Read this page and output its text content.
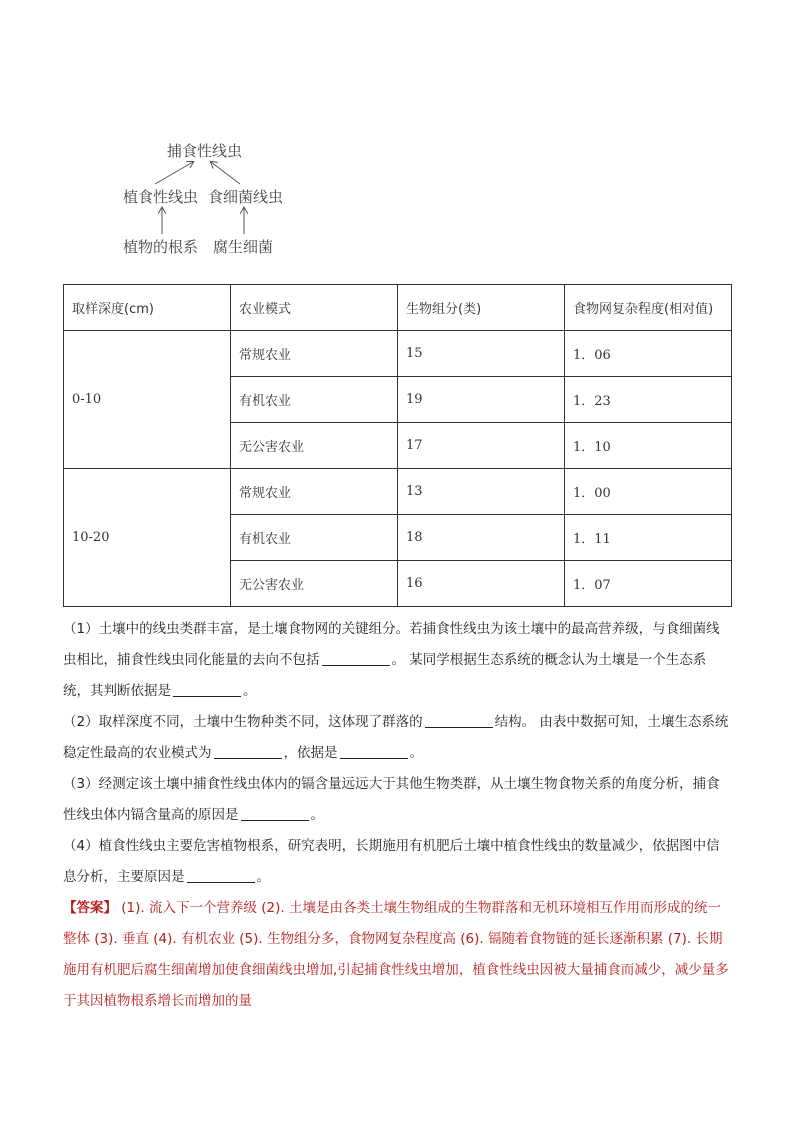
捕食性线虫
植食性线虫 食细菌线虫
植物的根系 腐生细菌
取样深度(cm)	农业模式	生物组分(类)	食物网复杂程度(相对值)
0-10	常规农业	15	1．06
	有机农业	19	1．23
	无公害农业	17	1．10
10-20	常规农业	13	1．00
	有机农业	18	1．11
	无公害农业	16	1．07

（1）土壤中的线虫类群丰富，是土壤食物网的关键组分。若捕食性线虫为该土壤中的最高营养级，与食细菌线虫相比，捕食性线虫同化能量的去向不包括	。 某同学根据生态系统的概念认为土壤是一个生态系统，其判断依据是	。

（2）取样深度不同，土壤中生物种类不同，这体现了群落的	结构。 由表中数据可知，土壤生态系统稳定性最高的农业模式为	，依据是	。

（3）经测定该土壤中捕食性线虫体内的镉含量远远大于其他生物类群，从土壤生物食物关系的角度分析，捕食性线虫体内镉含量高的原因是	。

（4）植食性线虫主要危害植物根系，研究表明，长期施用有机肥后土壤中植食性线虫的数量减少，依据图中信息分析，主要原因是	。

【答案】 (1). 流入下一个营养级 (2). 土壤是由各类土壤生物组成的生物群落和无机环境相互作用而形成的统一整体 (3). 垂直 (4). 有机农业 (5). 生物组分多，食物网复杂程度高 (6). 镉随着食物链的延长逐渐积累 (7). 长期施用有机肥后腐生细菌增加使食细菌线虫增加,引起捕食性线虫增加，植食性线虫因被大量捕食而减少，减少量多于其因植物根系增长而增加的量
